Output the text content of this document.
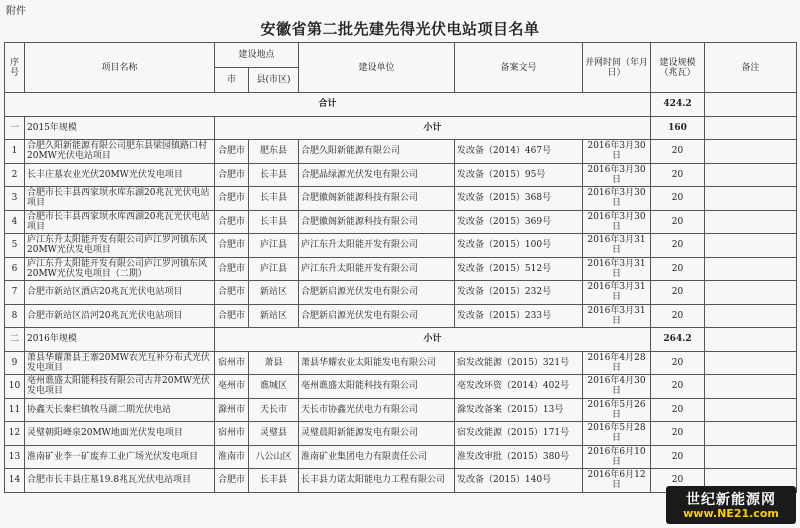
附件
安徽省第二批先建先得光伏电站项目名单
序号	项目名称	建设地点		建设单位	备案文号	并网时间（年月日）	建设规模（兆瓦）	备注
		市	县(市区)					
合计							424.2	
一	2015年规模	小计					160	
1	合肥久阳新能源有限公司肥东县梁园镇路口村20MW光伏电站项目	合肥市	肥东县	合肥久阳新能源有限公司	发改备（2014）467号	2016年3月30日	20	
2	长丰庄墓农业光伏20MW光伏发电项目	合肥市	长丰县	合肥晶绿源光伏发电有限公司	发改备（2015）95号	2016年3月30日	20	
3	合肥市长丰县西家坝水库东湖20兆瓦光伏电站项目	合肥市	长丰县	合肥徽阁新能源科技有限公司	发改备（2015）368号	2016年3月30日	20	
4	合肥市长丰县西家坝水库西湖20兆瓦光伏电站项目	合肥市	长丰县	合肥徽阁新能源科技有限公司	发改备（2015）369号	2016年3月30日	20	
5	庐江东升太阳能开发有限公司庐江罗河镇东风20MW光伏发电项目	合肥市	庐江县	庐江东升太阳能开发有限公司	发改备（2015）100号	2016年3月31日	20	
6	庐江东升太阳能开发有限公司庐江罗河镇东风20MW光伏发电项目（二期）	合肥市	庐江县	庐江东升太阳能开发有限公司	发改备（2015）512号	2016年3月31日	20	
7	合肥市新站区酒店20兆瓦光伏电站项目	合肥市	新站区	合肥新启源光伏发电有限公司	发改备（2015）232号	2016年3月31日	20	
8	合肥市新站区沿河20兆瓦光伏电站项目	合肥市	新站区	合肥新启源光伏发电有限公司	发改备（2015）233号	2016年3月31日	20	
二	2016年规模	小计					264.2	
9	萧县华耀萧县王寨20MW农光互补分布式光伏发电项目	宿州市	萧县	萧县华耀农业太阳能发电有限公司	宿发改能源（2015）321号	2016年4月28日	20	
10	亳州谯盛太阳能科技有限公司古井20MW光伏发电项目	亳州市	谯城区	亳州谯盛太阳能科技有限公司	亳发改环资（2014）402号	2016年4月30日	20	
11	协鑫天长秦栏镇牧马湖二期光伏电站	滁州市	天长市	天长市协鑫光伏电力有限公司	滁发改备案（2015）13号	2016年5月26日	20	
12	灵璧朝阳峰泉20MW地面光伏发电项目	宿州市	灵璧县	灵璧晨阳新能源发电有限公司	宿发改能源（2015）171号	2016年5月28日	20	
13	淮南矿业李一矿废弃工业广场光伏发电项目	淮南市	八公山区	淮南矿业集团电力有限责任公司	淮发改审批（2015）380号	2016年6月10日	20	
14	合肥市长丰县庄墓19.8兆瓦光伏电站项目	合肥市	长丰县	长丰县力诺太阳能电力工程有限公司	发改备（2015）140号	2016年6月12日	20	
世纪新能源网
www.NE21.com
